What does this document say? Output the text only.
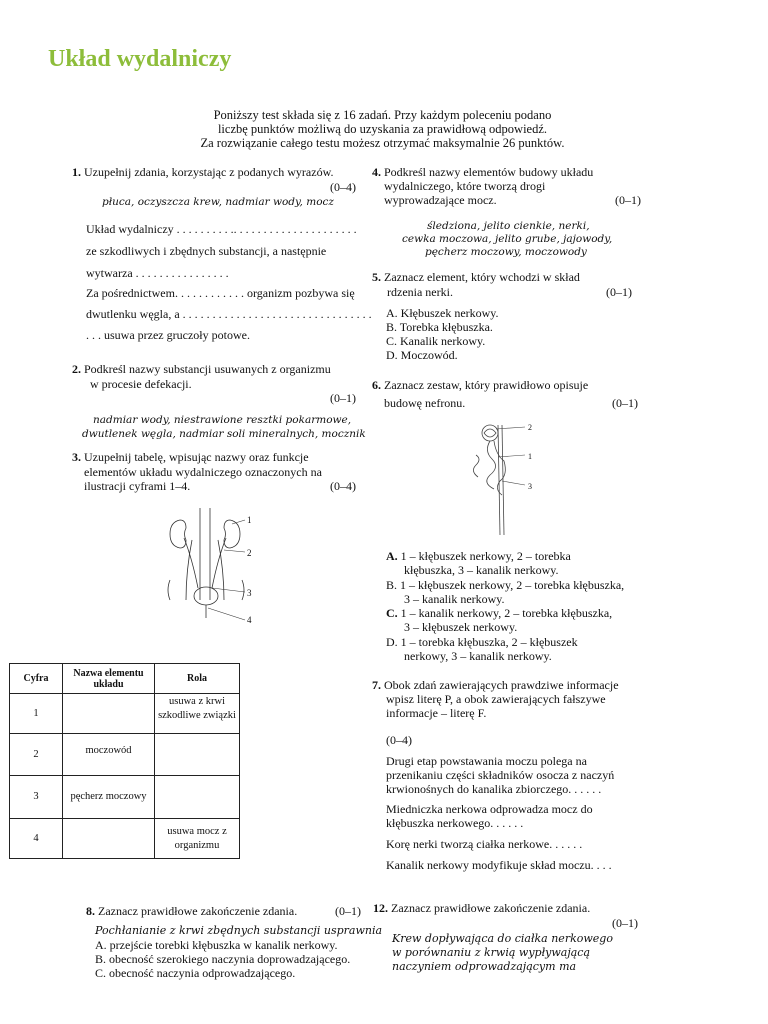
Układ wydalniczy
Poniższy test składa się z 16 zadań. Przy każdym poleceniu podano
liczbę punktów możliwą do uzyskania za prawidłową odpowiedź.
Za rozwiązanie całego testu możesz otrzymać maksymalnie 26 punktów.
1. Uzupełnij zdania, korzystając z podanych wyrazów.
(0–4)
płuca, oczyszcza krew, nadmiar wody, mocz
Układ wydalniczy . . . . . . . . . .. . . . . . . . . . . . . . . . . . . . .
ze szkodliwych i zbędnych substancji, a następnie
wytwarza . . . . . . . . . . . . . . . .
Za pośrednictwem. . . . . . . . . . . . organizm pozbywa się
dwutlenku węgla, a . . . . . . . . . . . . . . . . . . . . . . . . . . . . . . . .
. . . usuwa przez gruczoły potowe.
2. Podkreśl nazwy substancji usuwanych z organizmu
w procesie defekacji.
(0–1)
nadmiar wody, niestrawione resztki pokarmowe,
dwutlenek węgla, nadmiar soli mineralnych, mocznik
3. Uzupełnij tabelę, wpisując nazwy oraz funkcje
elementów układu wydalniczego oznaczonych na
ilustracji cyframi 1–4.	(0–4)
1
2
3
4
Cyfra	Nazwa elementu układu	Rola
1		usuwa z krwi szkodliwe związki
2	moczowód	
3	pęcherz moczowy	
4		usuwa mocz z organizmu
4. Podkreśl nazwy elementów budowy układu
wydalniczego, które tworzą drogi
wyprowadzające mocz.	(0–1)
śledziona, jelito cienkie, nerki,
cewka moczowa, jelito grube, jajowody,
pęcherz moczowy, moczowody
5. Zaznacz element, który wchodzi w skład
rdzenia nerki.	(0–1)
A. Kłębuszek nerkowy.
B. Torebka kłębuszka.
C. Kanalik nerkowy.
D. Moczowód.
6. Zaznacz zestaw, który prawidłowo opisuje
budowę nefronu.	(0–1)
2
1
3
A. 1 – kłębuszek nerkowy, 2 – torebka
kłębuszka, 3 – kanalik nerkowy.
B. 1 – kłębuszek nerkowy, 2 – torebka kłębuszka,
3 – kanalik nerkowy.
C. 1 – kanalik nerkowy, 2 – torebka kłębuszka,
3 – kłębuszek nerkowy.
D. 1 – torebka kłębuszka, 2 – kłębuszek
nerkowy, 3 – kanalik nerkowy.
7. Obok zdań zawierających prawdziwe informacje
wpisz literę P, a obok zawierających fałszywe
informacje – literę F.
(0–4)
Drugi etap powstawania moczu polega na
przenikaniu części składników osocza z naczyń
krwionośnych do kanalika zbiorczego. . . . . .
Miedniczka nerkowa odprowadza mocz do
kłębuszka nerkowego. . . . . .
Korę nerki tworzą ciałka nerkowe. . . . . .
Kanalik nerkowy modyfikuje skład moczu. . . .
8. Zaznacz prawidłowe zakończenie zdania.	(0–1)
Pochłanianie z krwi zbędnych substancji usprawnia
A. przejście torebki kłębuszka w kanalik nerkowy.
B. obecność szerokiego naczynia doprowadzającego.
C. obecność naczynia odprowadzającego.
12. Zaznacz prawidłowe zakończenie zdania.
(0–1)
Krew dopływająca do ciałka nerkowego
w porównaniu z krwią wypływającą
naczyniem odprowadzającym ma
